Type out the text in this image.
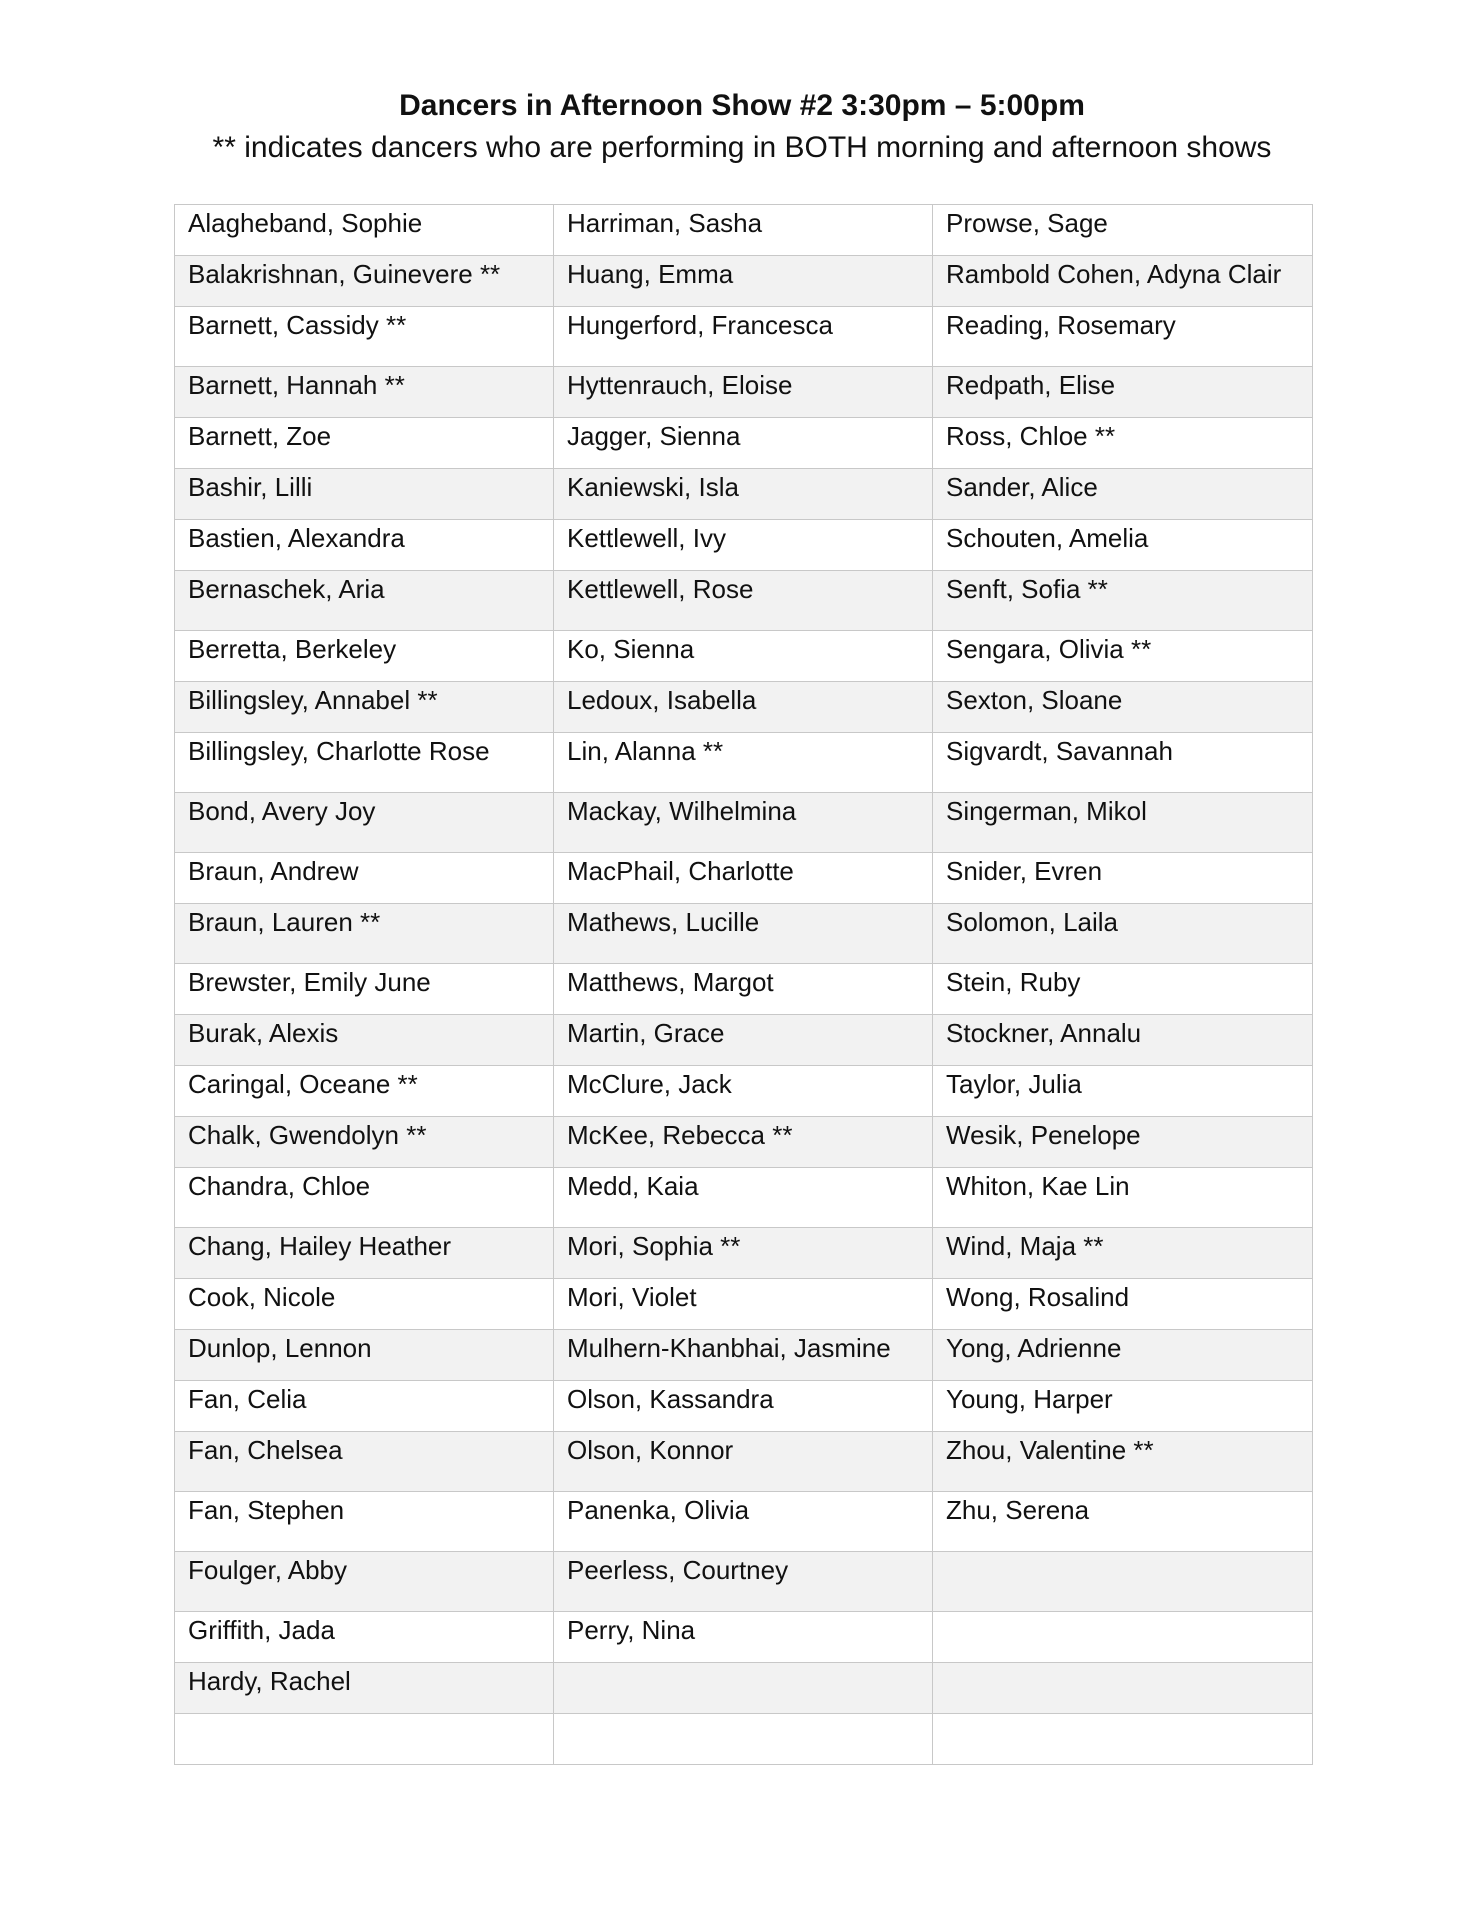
Dancers in Afternoon Show #2 3:30pm – 5:00pm

** indicates dancers who are performing in BOTH morning and afternoon shows

Alagheband, Sophie	Harriman, Sasha	Prowse, Sage
Balakrishnan, Guinevere **	Huang, Emma	Rambold Cohen, Adyna Clair
Barnett, Cassidy **	Hungerford, Francesca	Reading, Rosemary
Barnett, Hannah **	Hyttenrauch, Eloise	Redpath, Elise
Barnett, Zoe	Jagger, Sienna	Ross, Chloe **
Bashir, Lilli	Kaniewski, Isla	Sander, Alice
Bastien, Alexandra	Kettlewell, Ivy	Schouten, Amelia
Bernaschek, Aria	Kettlewell, Rose	Senft, Sofia **
Berretta, Berkeley	Ko, Sienna	Sengara, Olivia **
Billingsley, Annabel **	Ledoux, Isabella	Sexton, Sloane
Billingsley, Charlotte Rose	Lin, Alanna **	Sigvardt, Savannah
Bond, Avery Joy	Mackay, Wilhelmina	Singerman, Mikol
Braun, Andrew	MacPhail, Charlotte	Snider, Evren
Braun, Lauren **	Mathews, Lucille	Solomon, Laila
Brewster, Emily June	Matthews, Margot	Stein, Ruby
Burak, Alexis	Martin, Grace	Stockner, Annalu
Caringal, Oceane **	McClure, Jack	Taylor, Julia
Chalk, Gwendolyn **	McKee, Rebecca **	Wesik, Penelope
Chandra, Chloe	Medd, Kaia	Whiton, Kae Lin
Chang, Hailey Heather	Mori, Sophia **	Wind, Maja **
Cook, Nicole	Mori, Violet	Wong, Rosalind
Dunlop, Lennon	Mulhern-Khanbhai, Jasmine	Yong, Adrienne
Fan, Celia	Olson, Kassandra	Young, Harper
Fan, Chelsea	Olson, Konnor	Zhou, Valentine **
Fan, Stephen	Panenka, Olivia	Zhu, Serena
Foulger, Abby	Peerless, Courtney	
Griffith, Jada	Perry, Nina	
Hardy, Rachel		
